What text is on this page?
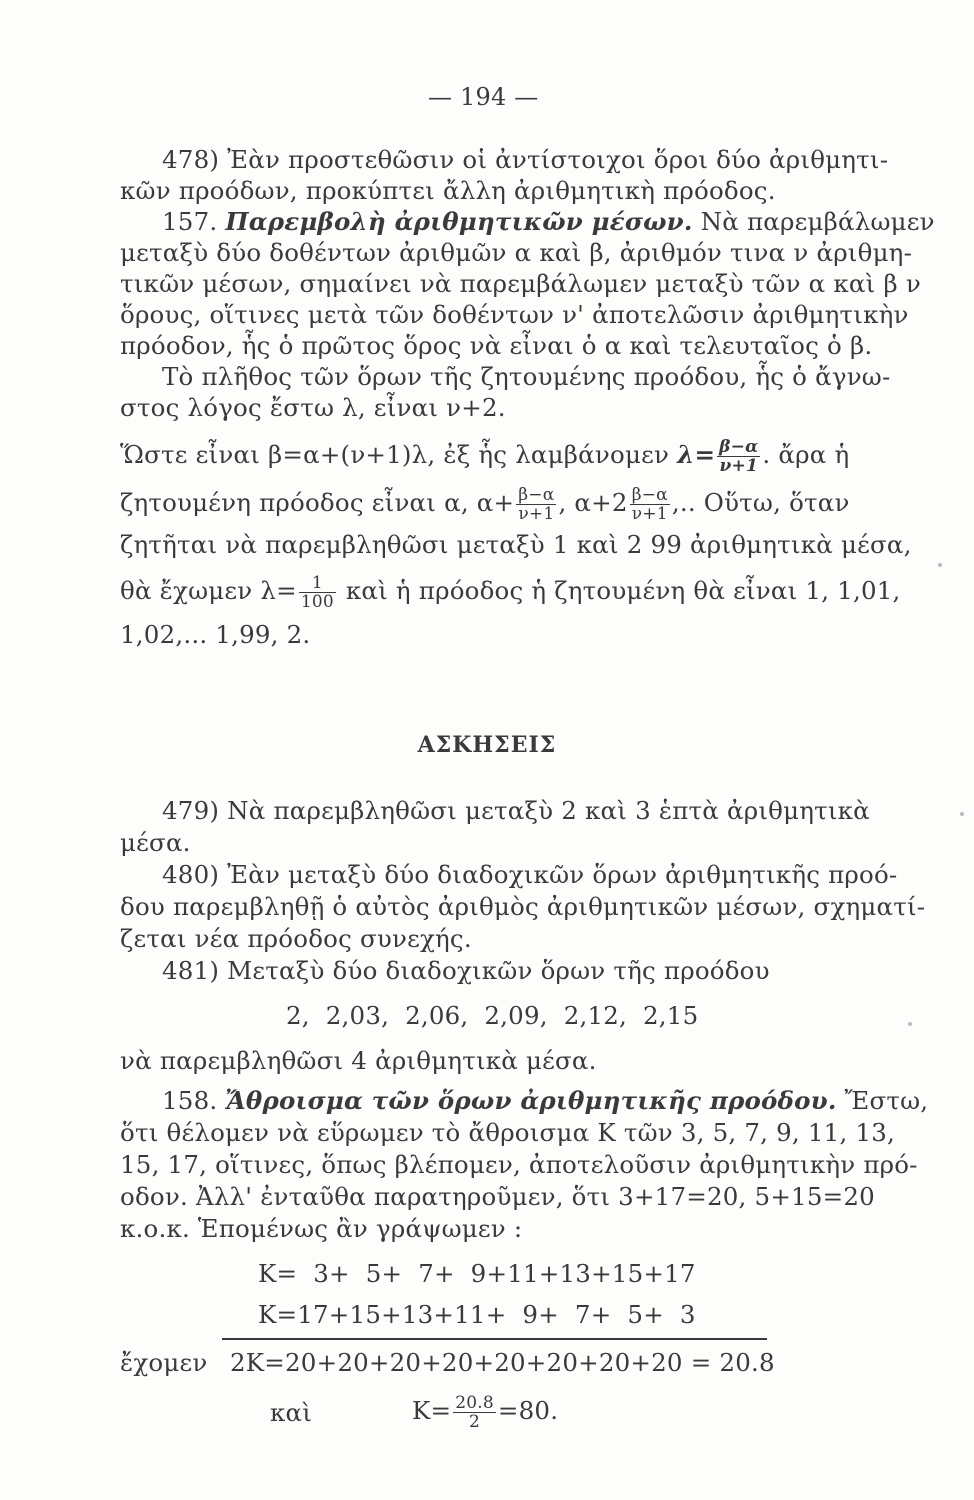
— 194 —
478) Ἐὰν προστεθῶσιν οἱ ἀντίστοιχοι ὅροι δύο ἀριθμητι-
κῶν προόδων, προκύπτει ἄλλη ἀριθμητικὴ πρόοδος.
157. Παρεμβολὴ ἀριθμητικῶν μέσων. Νὰ παρεμβάλωμεν
μεταξὺ δύο δοθέντων ἀριθμῶν α καὶ β, ἀριθμόν τινα ν ἀριθμη-
τικῶν μέσων, σημαίνει νὰ παρεμβάλωμεν μεταξὺ τῶν α καὶ β ν
ὅρους, οἵτινες μετὰ τῶν δοθέντων ν' ἀποτελῶσιν ἀριθμητικὴν
πρόοδον, ἧς ὁ πρῶτος ὅρος νὰ εἶναι ὁ α καὶ τελευταῖος ὁ β.
Τὸ πλῆθος τῶν ὅρων τῆς ζητουμένης προόδου, ἧς ὁ ἄγνω-
στος λόγος ἔστω λ, εἶναι ν+2.
Ὥστε εἶναι β=α+(ν+1)λ, ἐξ ἧς λαμβάνομεν $\lambda= \frac{\beta-\alpha}{\nu+1}$ . ἄρα ἡ
ζητουμένη πρόοδος εἶναι α, $\alpha+ \frac{\beta-\alpha}{\nu+1}$ , $\alpha+2 \frac{\beta-\alpha}{\nu+1}$ ,.. Οὕτω, ὅταν
ζητῆται νὰ παρεμβληθῶσι μεταξὺ 1 καὶ 2 99 ἀριθμητικὰ μέσα,
θὰ ἔχωμεν $\lambda= \frac{1}{100}$ καὶ ἡ πρόοδος ἡ ζητουμένη θὰ εἶναι 1, 1,01,
1,02,... 1,99, 2.
ΑΣΚΗΣΕΙΣ
479) Νὰ παρεμβληθῶσι μεταξὺ 2 καὶ 3 ἑπτὰ ἀριθμητικὰ
μέσα.
480) Ἐὰν μεταξὺ δύο διαδοχικῶν ὅρων ἀριθμητικῆς προό-
δου παρεμβληθῇ ὁ αὐτὸς ἀριθμὸς ἀριθμητικῶν μέσων, σχηματί-
ζεται νέα πρόοδος συνεχής.
481) Μεταξὺ δύο διαδοχικῶν ὅρων τῆς προόδου
2,  2,03,  2,06,  2,09,  2,12,  2,15
νὰ παρεμβληθῶσι 4 ἀριθμητικὰ μέσα.
158. Ἄθροισμα τῶν ὅρων ἀριθμητικῆς προόδου. Ἔστω,
ὅτι θέλομεν νὰ εὕρωμεν τὸ ἄθροισμα Κ τῶν 3, 5, 7, 9, 11, 13,
15, 17, οἵτινες, ὅπως βλέπομεν, ἀποτελοῦσιν ἀριθμητικὴν πρό-
οδον. Ἀλλ' ἐνταῦθα παρατηροῦμεν, ὅτι 3+17=20, 5+15=20
κ.ο.κ. Ἑπομένως ἂν γράψωμεν :
Κ=  3+  5+  7+  9+11+13+15+17
Κ=17+15+13+11+  9+  7+  5+  3
ἔχομεν 2Κ=20+20+20+20+20+20+20+20 = 20.8
καὶ	$K= \frac{20.8}{2} =80$.
